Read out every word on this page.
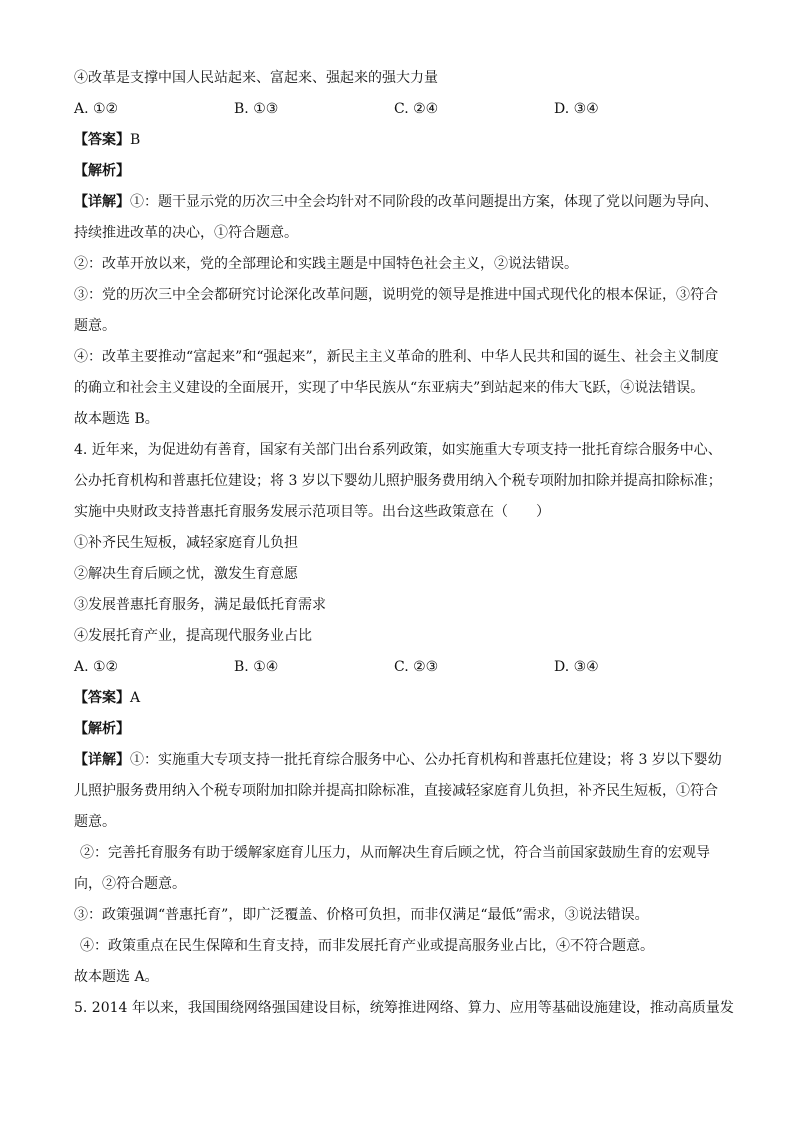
④改革是支撑中国人民站起来、富起来、强起来的强大力量
A. ①②	B. ①③	C. ②④	D. ③④
【答案】B
【解析】
【详解】①：题干显示党的历次三中全会均针对不同阶段的改革问题提出方案，体现了党以问题为导向、
持续推进改革的决心，①符合题意。
②：改革开放以来，党的全部理论和实践主题是中国特色社会主义，②说法错误。
③：党的历次三中全会都研究讨论深化改革问题，说明党的领导是推进中国式现代化的根本保证，③符合
题意。
④：改革主要推动“富起来”和“强起来”，新民主主义革命的胜利、中华人民共和国的诞生、社会主义制度
的确立和社会主义建设的全面展开，实现了中华民族从“东亚病夫”到站起来的伟大飞跃，④说法错误。
故本题选 B。
4. 近年来，为促进幼有善育，国家有关部门出台系列政策，如实施重大专项支持一批托育综合服务中心、
公办托育机构和普惠托位建设；将 3 岁以下婴幼儿照护服务费用纳入个税专项附加扣除并提高扣除标准；
实施中央财政支持普惠托育服务发展示范项目等。出台这些政策意在（　　）
①补齐民生短板，减轻家庭育儿负担
②解决生育后顾之忧，激发生育意愿
③发展普惠托育服务，满足最低托育需求
④发展托育产业，提高现代服务业占比
A. ①②	B. ①④	C. ②③	D. ③④
【答案】A
【解析】
【详解】①：实施重大专项支持一批托育综合服务中心、公办托育机构和普惠托位建设；将 3 岁以下婴幼
儿照护服务费用纳入个税专项附加扣除并提高扣除标准，直接减轻家庭育儿负担，补齐民生短板，①符合
题意。
②：完善托育服务有助于缓解家庭育儿压力，从而解决生育后顾之忧，符合当前国家鼓励生育的宏观导
向，②符合题意。
③：政策强调“普惠托育”，即广泛覆盖、价格可负担，而非仅满足“最低”需求，③说法错误。
④：政策重点在民生保障和生育支持，而非发展托育产业或提高服务业占比，④不符合题意。
故本题选 A。
5. 2014 年以来，我国围绕网络强国建设目标，统筹推进网络、算力、应用等基础设施建设，推动高质量发
